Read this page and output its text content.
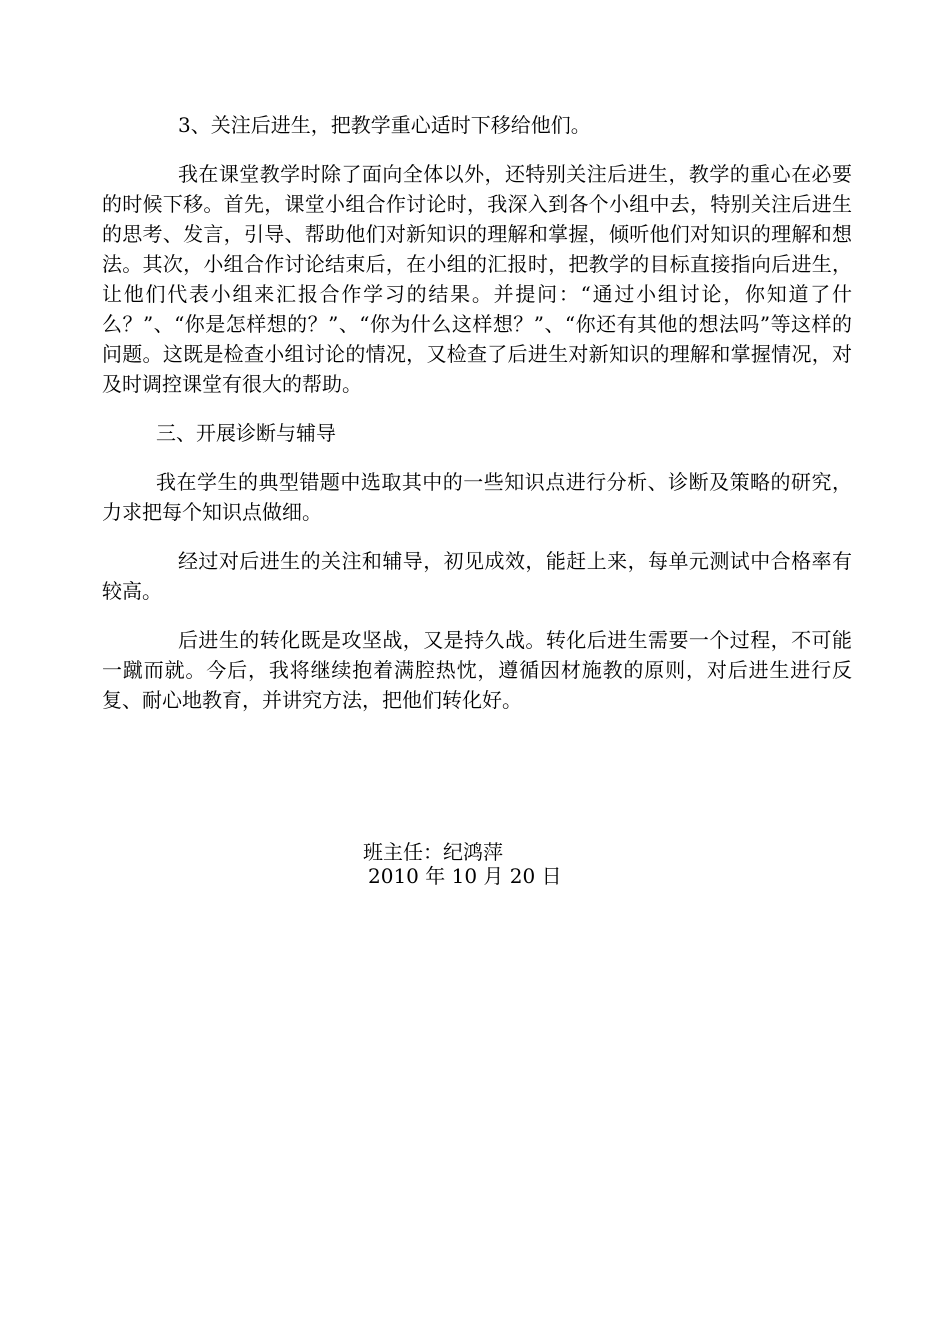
3、关注后进生，把教学重心适时下移给他们。

我在课堂教学时除了面向全体以外，还特别关注后进生，教学的重心在必要的时候下移。首先，课堂小组合作讨论时，我深入到各个小组中去，特别关注后进生的思考、发言，引导、帮助他们对新知识的理解和掌握，倾听他们对知识的理解和想法。其次，小组合作讨论结束后，在小组的汇报时，把教学的目标直接指向后进生，让他们代表小组来汇报合作学习的结果。并提问：“通过小组讨论，你知道了什么？”、“你是怎样想的？”、“你为什么这样想？”、“你还有其他的想法吗”等这样的问题。这既是检查小组讨论的情况，又检查了后进生对新知识的理解和掌握情况，对及时调控课堂有很大的帮助。

三、开展诊断与辅导

我在学生的典型错题中选取其中的一些知识点进行分析、诊断及策略的研究，力求把每个知识点做细。

经过对后进生的关注和辅导，初见成效，能赶上来，每单元测试中合格率有较高。

后进生的转化既是攻坚战，又是持久战。转化后进生需要一个过程，不可能一蹴而就。今后，我将继续抱着满腔热忱，遵循因材施教的原则，对后进生进行反复、耐心地教育，并讲究方法，把他们转化好。

班主任：纪鸿萍
2010 年 10 月 20 日
